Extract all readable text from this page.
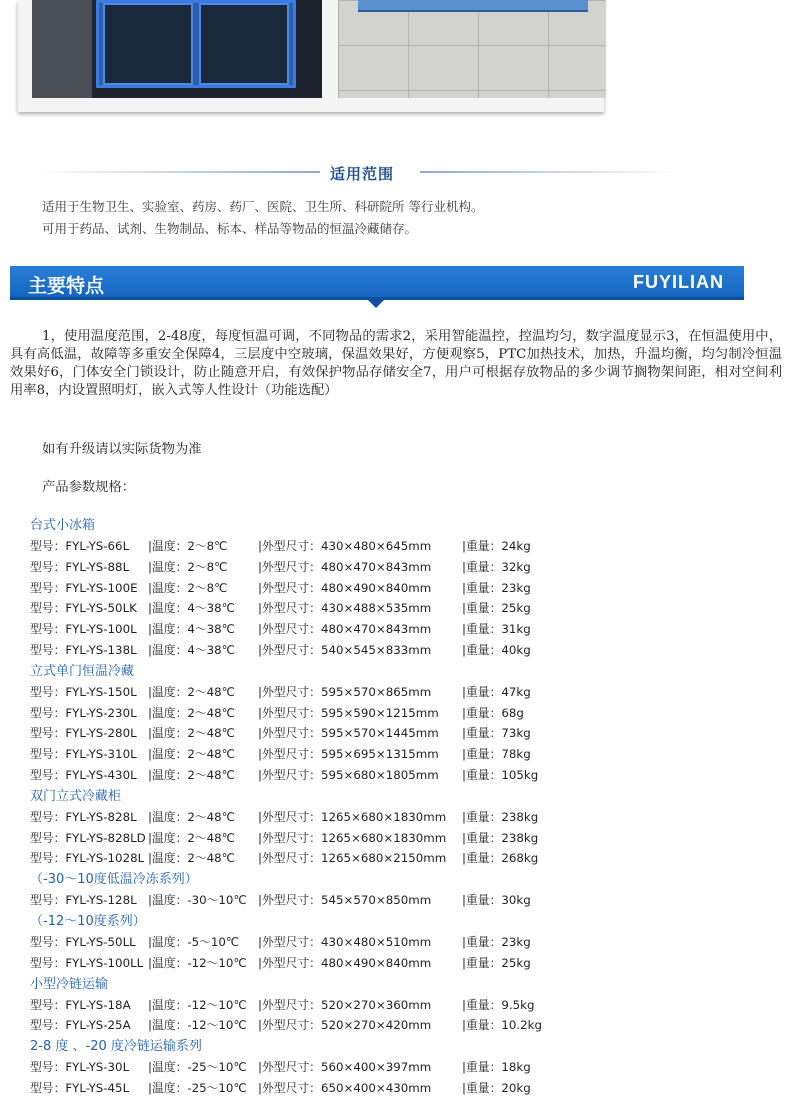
适用范围
适用于生物卫生、实验室、药房、药厂、医院、卫生所、科研院所 等行业机构。
可用于药品、试剂、生物制品、标本、样品等物品的恒温冷藏储存。
主要特点	FUYILIAN
1，使用温度范围，2-48度，每度恒温可调，不同物品的需求2，采用智能温控，控温均匀，数字温度显示3，在恒温使用中，具有高低温，故障等多重安全保障4，三层度中空玻璃，保温效果好，方便观察5，PTC加热技术，加热，升温均衡，均匀制冷恒温效果好6，门体安全门锁设计，防止随意开启，有效保护物品存储安全7，用户可根据存放物品的多少调节搁物架间距，相对空间利用率8，内设置照明灯，嵌入式等人性设计（功能选配）
如有升级请以实际货物为准
产品参数规格：
台式小冰箱
型号：FYL-YS-66L |温度：2～8℃	|外型尺寸：430×480×645mm	|重量：24kg
型号：FYL-YS-88L |温度：2～8℃	|外型尺寸：480×470×843mm	|重量：32kg
型号：FYL-YS-100E |温度：2～8℃	|外型尺寸：480×490×840mm	|重量：23kg
型号：FYL-YS-50LK |温度：4～38℃ |外型尺寸：430×488×535mm	|重量：25kg
型号：FYL-YS-100L |温度：4～38℃ |外型尺寸：480×470×843mm	|重量：31kg
型号：FYL-YS-138L |温度：4～38℃ |外型尺寸：540×545×833mm	|重量：40kg
立式单门恒温冷藏
型号：FYL-YS-150L |温度：2～48℃ |外型尺寸：595×570×865mm	|重量：47kg
型号：FYL-YS-230L |温度：2～48℃ |外型尺寸：595×590×1215mm |重量：68g
型号：FYL-YS-280L |温度：2～48℃ |外型尺寸：595×570×1445mm |重量：73kg
型号：FYL-YS-310L |温度：2～48℃ |外型尺寸：595×695×1315mm |重量：78kg
型号：FYL-YS-430L |温度：2～48℃ |外型尺寸：595×680×1805mm |重量：105kg
双门立式冷藏柜
型号：FYL-YS-828L |温度：2～48℃ |外型尺寸：1265×680×1830mm |重量：238kg
型号：FYL-YS-828LD |温度：2～48℃ |外型尺寸：1265×680×1830mm |重量：238kg
型号：FYL-YS-1028L |温度：2～48℃ |外型尺寸：1265×680×2150mm |重量：268kg
（-30～10度低温冷冻系列）
型号：FYL-YS-128L |温度：-30～10℃ |外型尺寸：545×570×850mm	|重量：30kg
（-12～10度系列）
型号：FYL-YS-50LL |温度：-5～10℃ |外型尺寸：430×480×510mm	|重量：23kg
型号：FYL-YS-100LL |温度：-12～10℃ |外型尺寸：480×490×840mm	|重量：25kg
小型冷链运输
型号：FYL-YS-18A |温度：-12～10℃ |外型尺寸：520×270×360mm	|重量：9.5kg
型号：FYL-YS-25A |温度：-12～10℃ |外型尺寸：520×270×420mm	|重量：10.2kg
2-8 度 、-20 度冷链运输系列
型号：FYL-YS-30L |温度：-25～10℃ |外型尺寸：560×400×397mm	|重量：18kg
型号：FYL-YS-45L |温度：-25～10℃ |外型尺寸：650×400×430mm	|重量：20kg
